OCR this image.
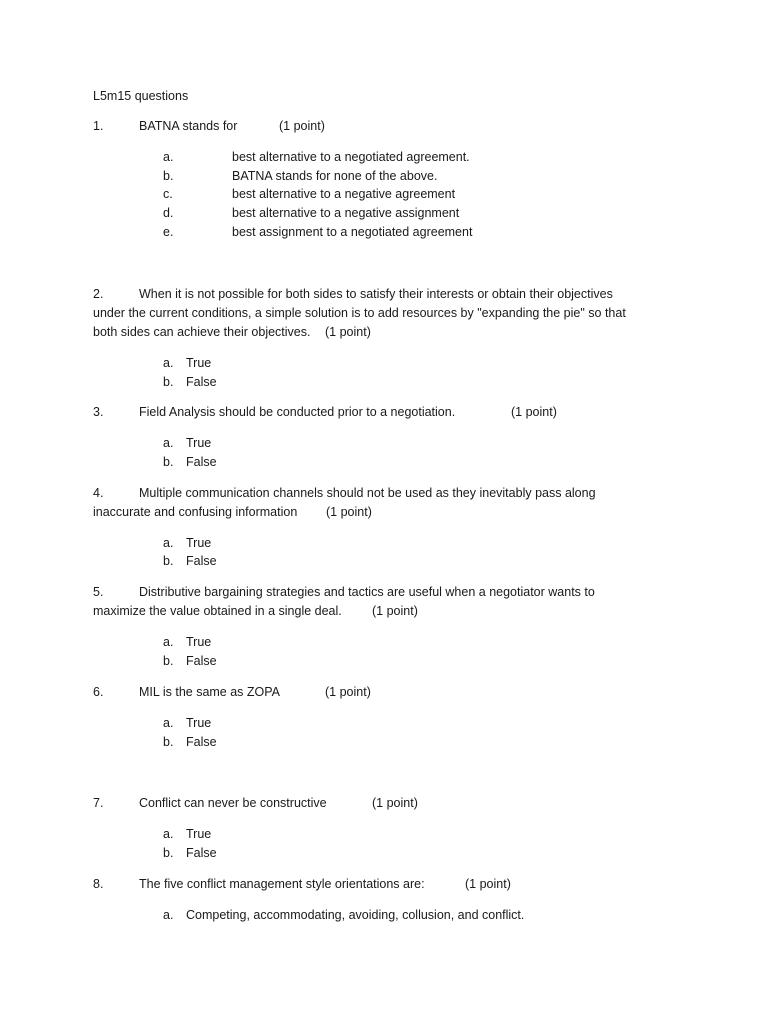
L5m15 questions
1.	BATNA stands for	(1 point)
a.	best alternative to a negotiated agreement.
b.	BATNA stands for none of the above.
c.	best alternative to a negative agreement
d.	best alternative to a negative assignment
e.	best assignment to a negotiated agreement
2.	When it is not possible for both sides to satisfy their interests or obtain their objectives
under the current conditions, a simple solution is to add resources by "expanding the pie" so that
both sides can achieve their objectives. (1 point)
a. True
b. False
3.	Field Analysis should be conducted prior to a negotiation.	(1 point)
a. True
b. False
4.	Multiple communication channels should not be used as they inevitably pass along
inaccurate and confusing information (1 point)
a. True
b. False
5.	Distributive bargaining strategies and tactics are useful when a negotiator wants to
maximize the value obtained in a single deal. (1 point)
a. True
b. False
6.	MIL is the same as ZOPA	(1 point)
a. True
b. False
7.	Conflict can never be constructive	(1 point)
a. True
b. False
8.	The five conflict management style orientations are:	(1 point)
a. Competing, accommodating, avoiding, collusion, and conflict.
